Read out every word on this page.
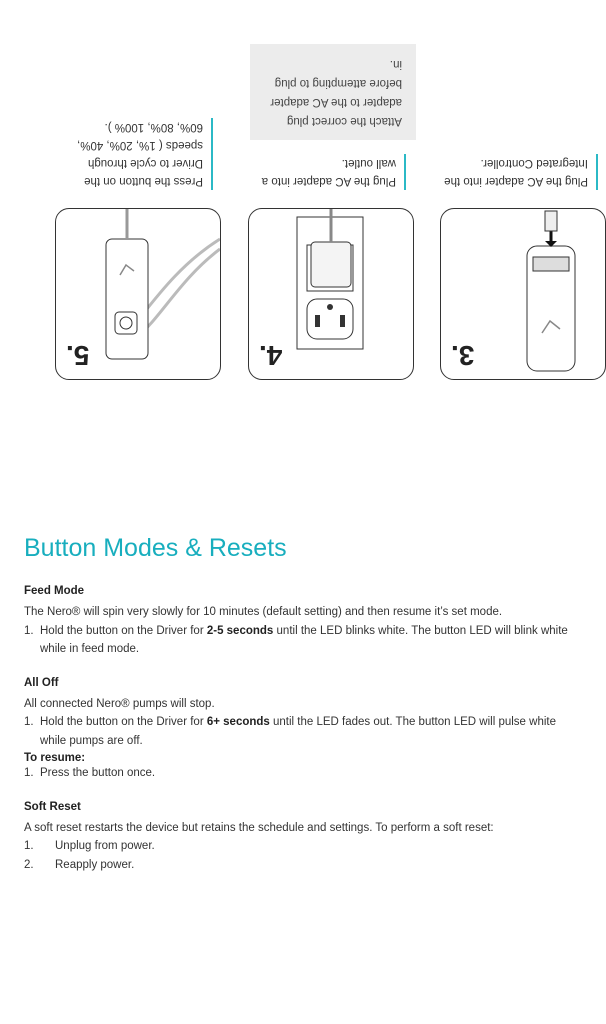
3.
Plug the AC adapter into the Integrated Controller.
4.
Plug the AC adapter into a wall outlet.
Attach the correct plug adapter to the AC adapter before attempting to plug in.
5.
Press the button on the Driver to cycle through speeds ( 1%, 20%, 40%, 60%, 80%, 100% ).
Button Modes & Resets
Feed Mode

The Nero® will spin very slowly for 10 minutes (default setting) and then resume it’s set mode.

1. Hold the button on the Driver for 2-5 seconds until the LED blinks white. The button LED will blink white while in feed mode.
All Off

All connected Nero® pumps will stop.

1. Hold the button on the Driver for 6+ seconds until the LED fades out. The button LED will pulse white while pumps are off.
To resume:
1. Press the button once.
Soft Reset

A soft reset restarts the device but retains the schedule and settings. To perform a soft reset:

1.	Unplug from power.
2.	Reapply power.
